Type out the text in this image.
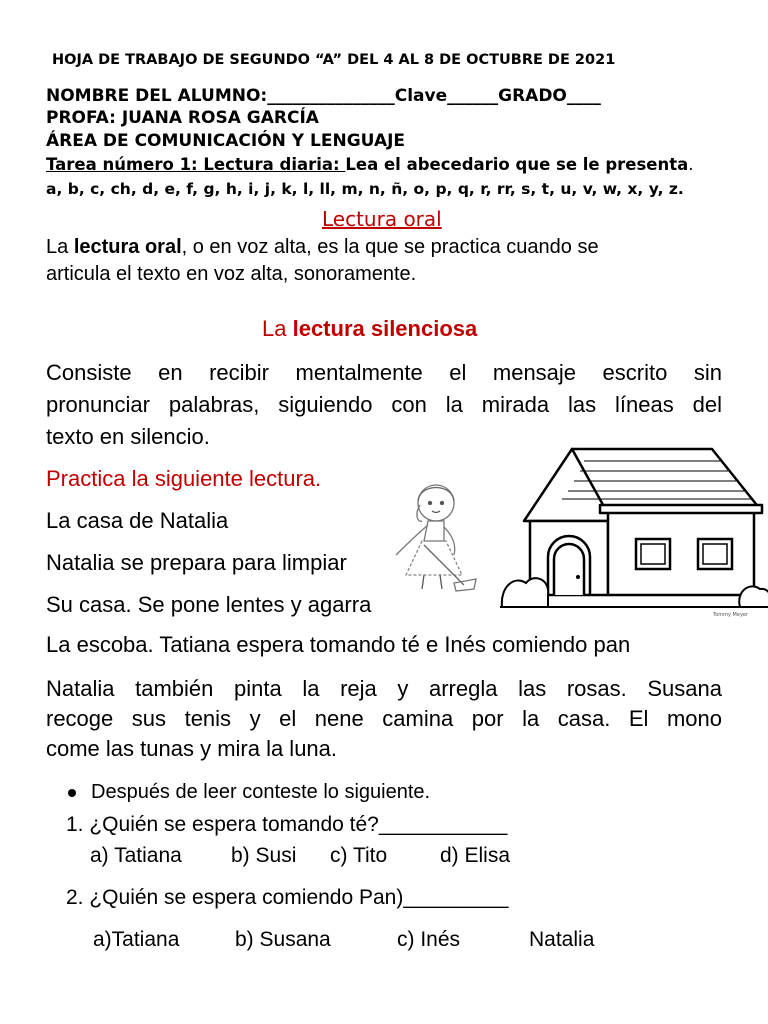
HOJA DE TRABAJO DE SEGUNDO “A” DEL 4 AL 8 DE OCTUBRE DE 2021
NOMBRE DEL ALUMNO:_______________Clave______GRADO____
PROFA: JUANA ROSA GARCÍA
ÁREA DE COMUNICACIÓN Y LENGUAJE
Tarea número 1: Lectura diaria: Lea el abecedario que se le presenta.
a, b, c, ch, d, e, f, g, h, i, j, k, l, ll, m, n, ñ, o, p, q, r, rr, s, t, u, v, w, x, y, z.
Lectura oral
La lectura oral, o en voz alta, es la que se practica cuando se
articula el texto en voz alta, sonoramente.
La lectura silenciosa
Consiste en recibir mentalmente el mensaje escrito sin
pronunciar palabras, siguiendo con la mirada las líneas del
texto en silencio.
Practica la siguiente lectura.
La casa de Natalia
Natalia se prepara para limpiar
Su casa. Se pone lentes y agarra
La escoba. Tatiana espera tomando té e Inés comiendo pan
Tommy Meyer
Natalia también pinta la reja y arregla las rosas. Susana
recoge sus tenis y el nene camina por la casa. El mono
come las tunas y mira la luna.
Después de leer conteste lo siguiente.
1. ¿Quién se espera tomando té?___________
a) Tatiana b) Susi c) Tito	d) Elisa
2. ¿Quién se espera comiendo Pan)_________
a)Tatiana	b) Susana	c) Inés	Natalia
